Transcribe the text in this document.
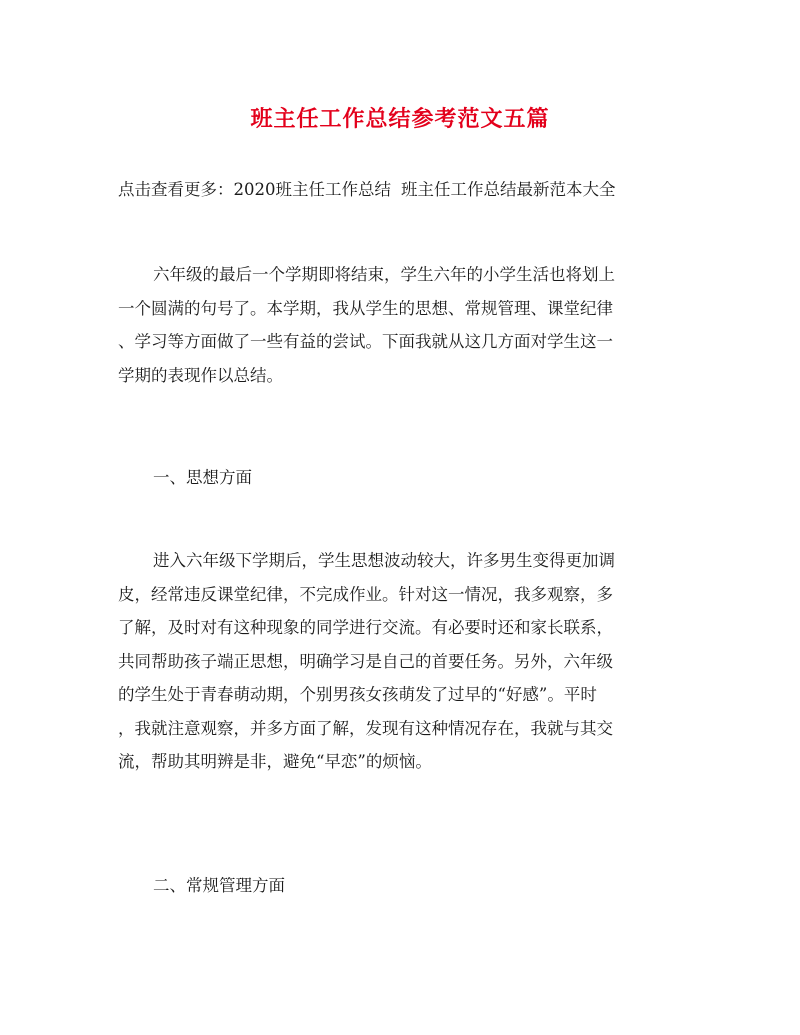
班主任工作总结参考范文五篇
点击查看更多：2020班主任工作总结 班主任工作总结最新范本大全
六年级的最后一个学期即将结束，学生六年的小学生活也将划上
一个圆满的句号了。本学期，我从学生的思想、常规管理、课堂纪律
、学习等方面做了一些有益的尝试。下面我就从这几方面对学生这一
学期的表现作以总结。
一、思想方面
进入六年级下学期后，学生思想波动较大，许多男生变得更加调
皮，经常违反课堂纪律，不完成作业。针对这一情况，我多观察，多
了解，及时对有这种现象的同学进行交流。有必要时还和家长联系，
共同帮助孩子端正思想，明确学习是自己的首要任务。另外，六年级
的学生处于青春萌动期，个别男孩女孩萌发了过早的“好感”。平时
，我就注意观察，并多方面了解，发现有这种情况存在，我就与其交
流，帮助其明辨是非，避免“早恋”的烦恼。
二、常规管理方面
